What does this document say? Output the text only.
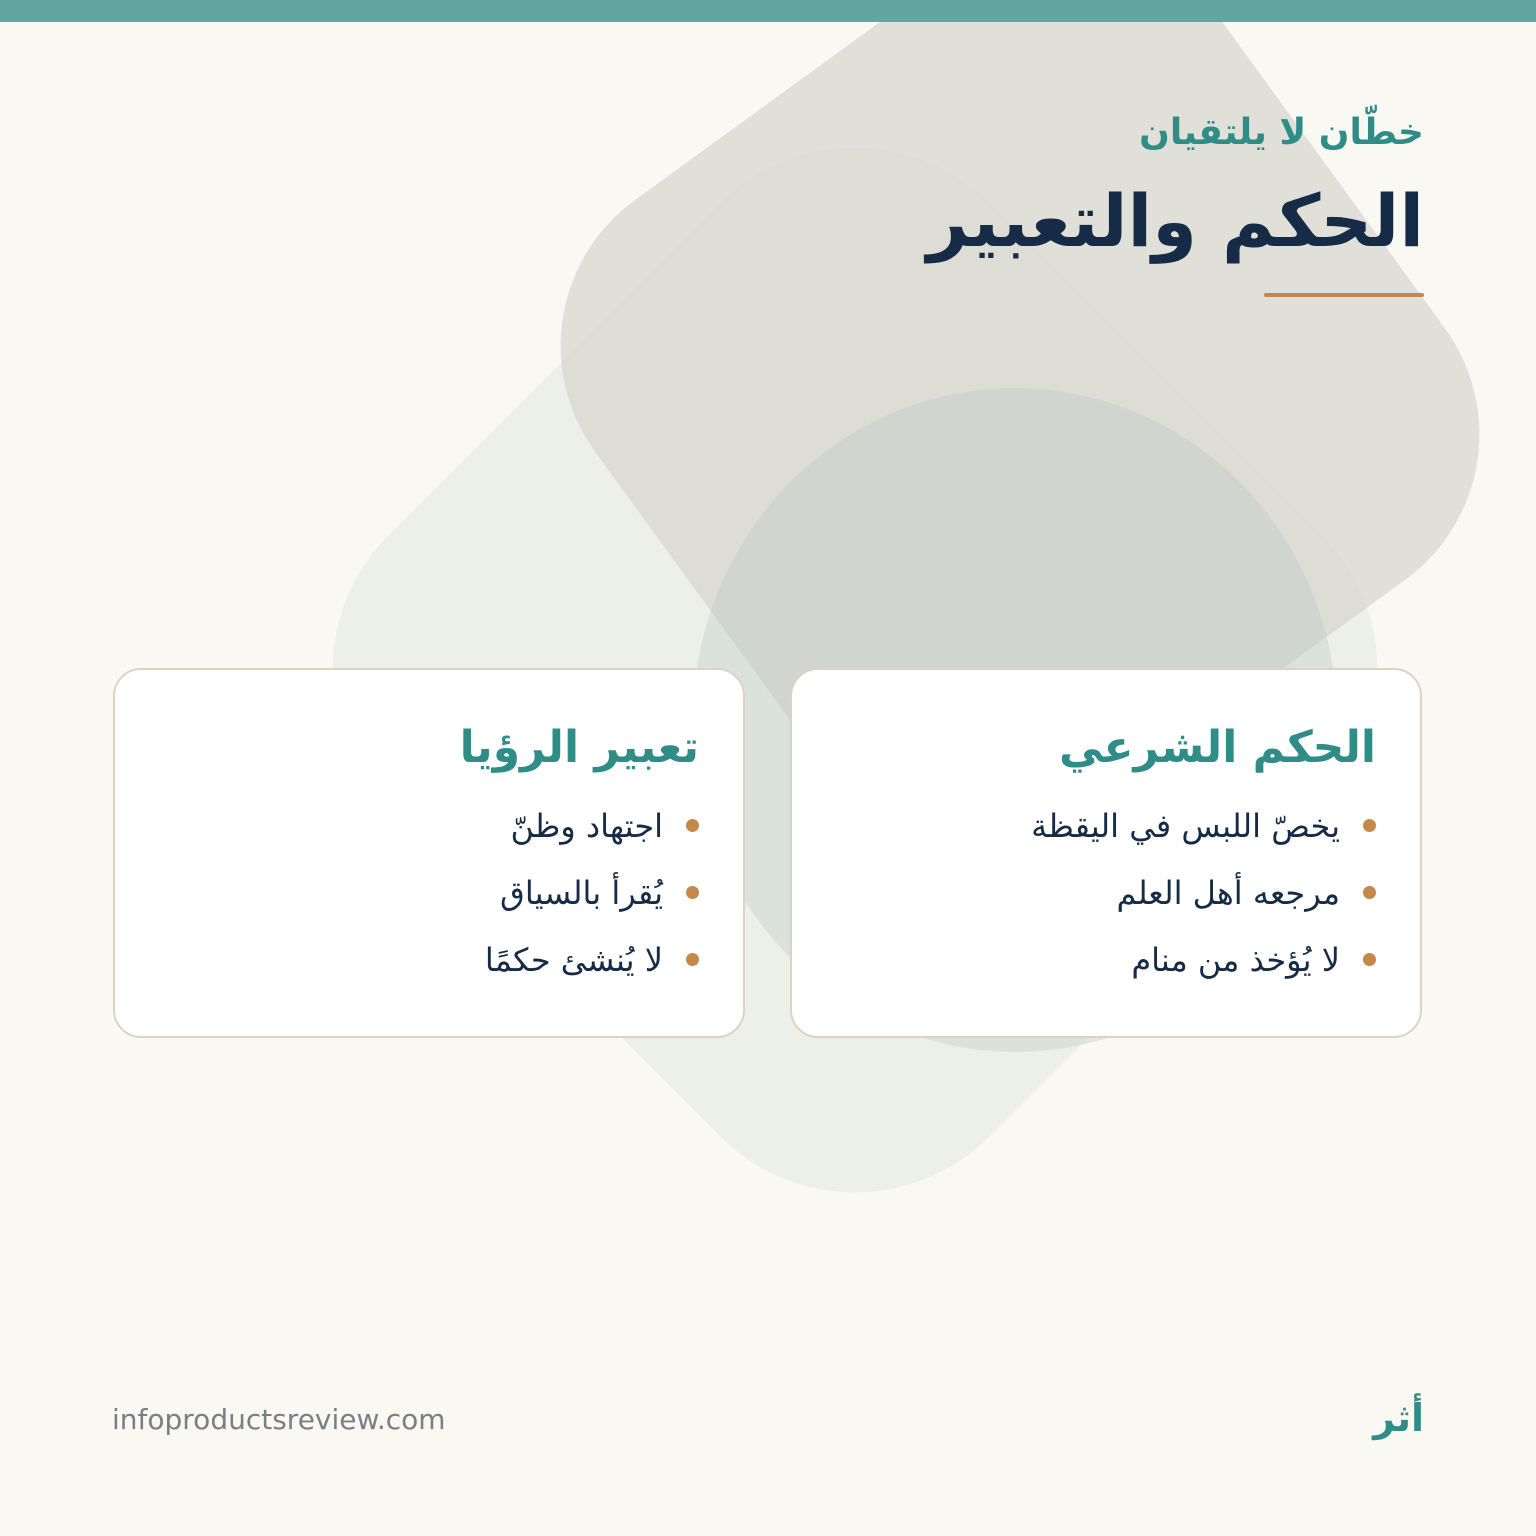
خطّان لا يلتقيان
الحكم والتعبير
الحكم الشرعي
يخصّ اللبس في اليقظة
مرجعه أهل العلم
لا يُؤخذ من منام
تعبير الرؤيا
اجتهاد وظنّ
يُقرأ بالسياق
لا يُنشئ حكمًا
infoproductsreview.com	أثر
